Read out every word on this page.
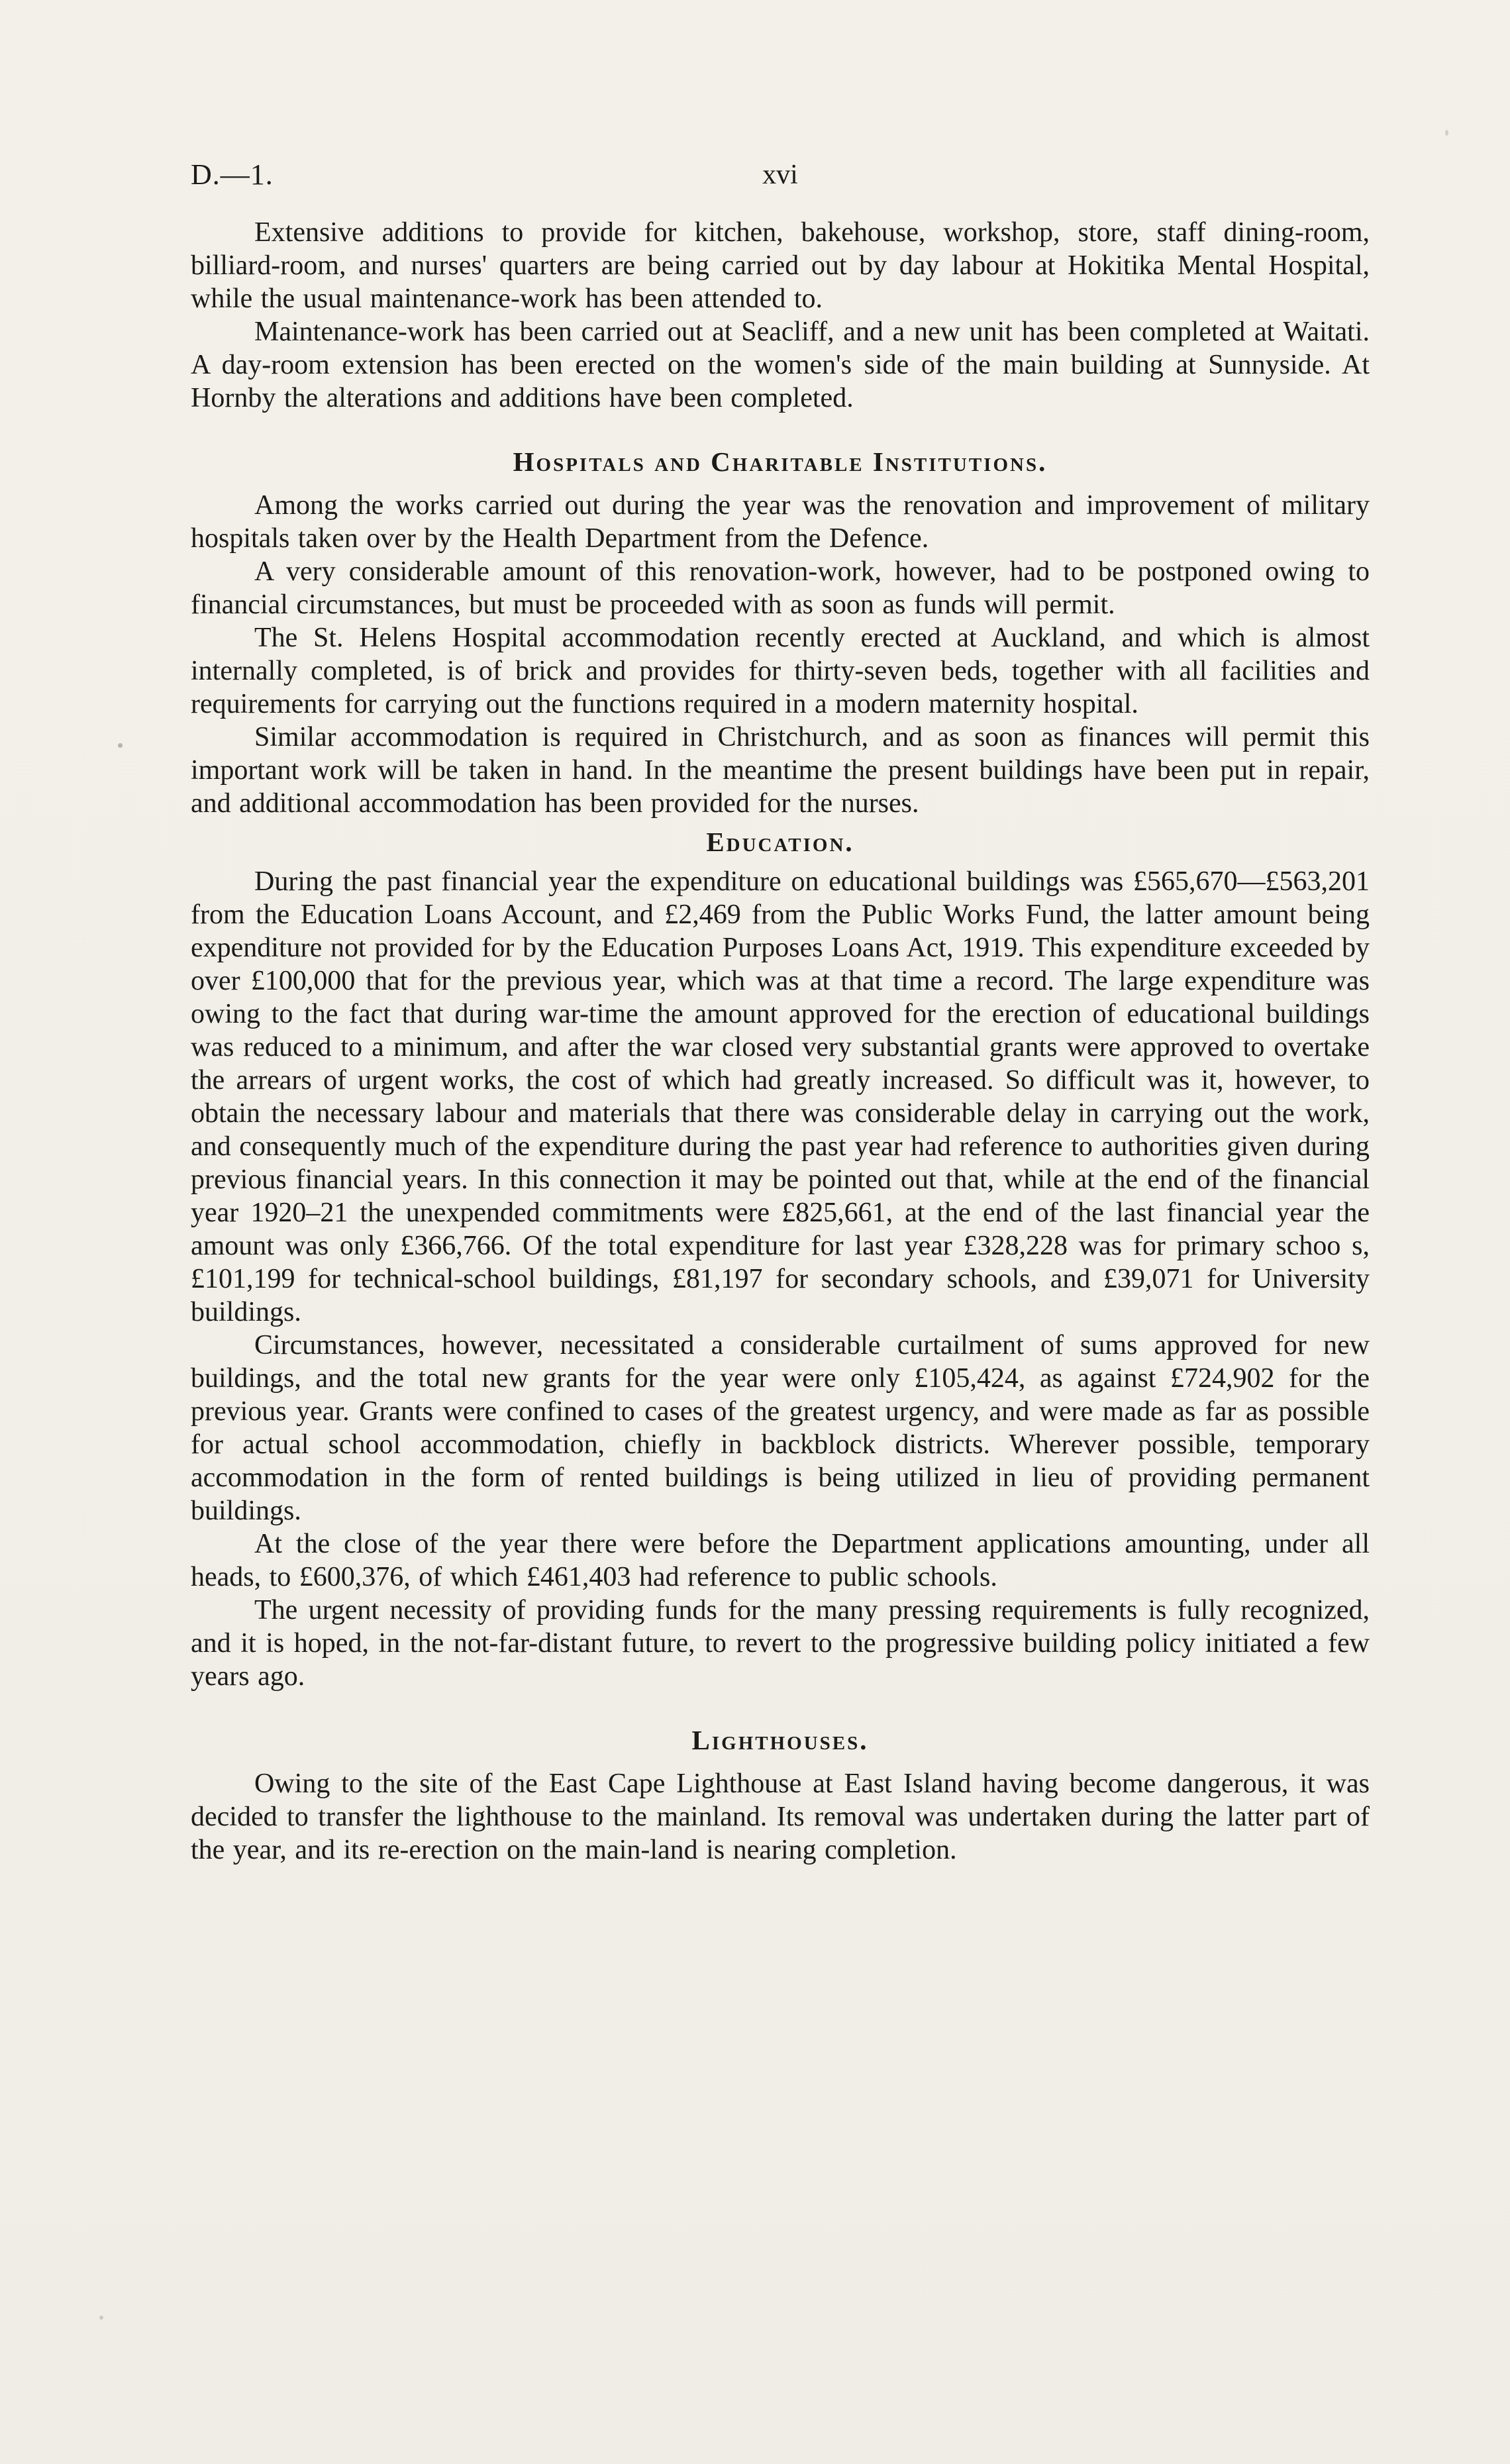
D.—1.	xvi

Extensive additions to provide for kitchen, bakehouse, workshop, store, staff dining-room, billiard-room, and nurses' quarters are being carried out by day labour at Hokitika Mental Hospital, while the usual maintenance-work has been attended to.

Maintenance-work has been carried out at Seacliff, and a new unit has been completed at Waitati. A day-room extension has been erected on the women's side of the main building at Sunnyside. At Hornby the alterations and additions have been completed.

Hospitals and Charitable Institutions.

Among the works carried out during the year was the renovation and improvement of military hospitals taken over by the Health Department from the Defence.

A very considerable amount of this renovation-work, however, had to be postponed owing to financial circumstances, but must be proceeded with as soon as funds will permit.

The St. Helens Hospital accommodation recently erected at Auckland, and which is almost internally completed, is of brick and provides for thirty-seven beds, together with all facilities and requirements for carrying out the functions required in a modern maternity hospital.

Similar accommodation is required in Christchurch, and as soon as finances will permit this important work will be taken in hand. In the meantime the present buildings have been put in repair, and additional accommodation has been provided for the nurses.

Education.

During the past financial year the expenditure on educational buildings was £565,670—£563,201 from the Education Loans Account, and £2,469 from the Public Works Fund, the latter amount being expenditure not provided for by the Education Purposes Loans Act, 1919. This expenditure exceeded by over £100,000 that for the previous year, which was at that time a record. The large expenditure was owing to the fact that during war-time the amount approved for the erection of educational buildings was reduced to a minimum, and after the war closed very substantial grants were approved to overtake the arrears of urgent works, the cost of which had greatly increased. So difficult was it, however, to obtain the necessary labour and materials that there was considerable delay in carrying out the work, and consequently much of the expenditure during the past year had reference to authorities given during previous financial years. In this connection it may be pointed out that, while at the end of the financial year 1920–21 the unexpended commitments were £825,661, at the end of the last financial year the amount was only £366,766. Of the total expenditure for last year £328,228 was for primary schoo s, £101,199 for technical-school buildings, £81,197 for secondary schools, and £39,071 for University buildings.

Circumstances, however, necessitated a considerable curtailment of sums approved for new buildings, and the total new grants for the year were only £105,424, as against £724,902 for the previous year. Grants were confined to cases of the greatest urgency, and were made as far as possible for actual school accommodation, chiefly in backblock districts. Wherever possible, temporary accommodation in the form of rented buildings is being utilized in lieu of providing permanent buildings.

At the close of the year there were before the Department applications amounting, under all heads, to £600,376, of which £461,403 had reference to public schools.

The urgent necessity of providing funds for the many pressing requirements is fully recognized, and it is hoped, in the not-far-distant future, to revert to the progressive building policy initiated a few years ago.

Lighthouses.

Owing to the site of the East Cape Lighthouse at East Island having become dangerous, it was decided to transfer the lighthouse to the mainland. Its removal was undertaken during the latter part of the year, and its re-erection on the main-land is nearing completion.
